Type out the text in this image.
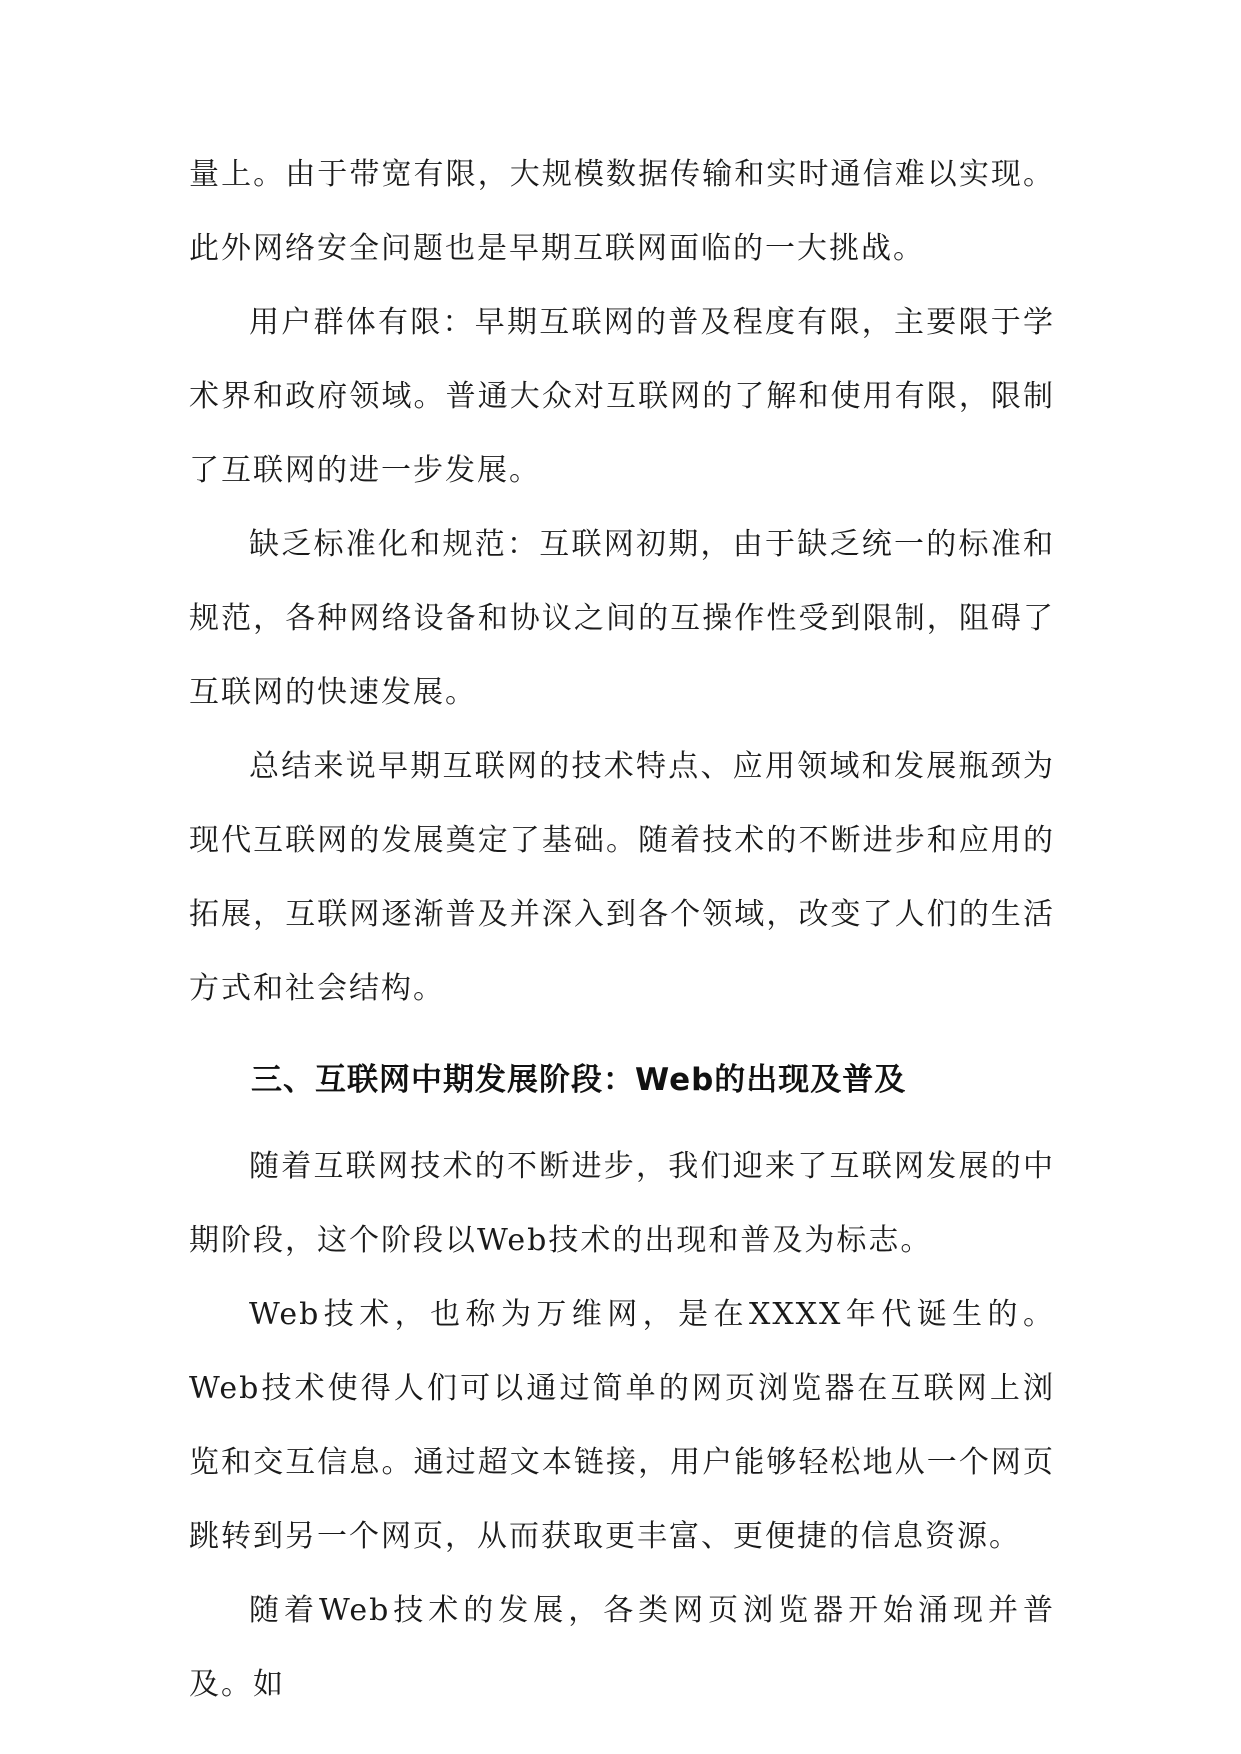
量上。由于带宽有限，大规模数据传输和实时通信难以实现。此外网络安全问题也是早期互联网面临的一大挑战。

用户群体有限：早期互联网的普及程度有限，主要限于学术界和政府领域。普通大众对互联网的了解和使用有限，限制了互联网的进一步发展。

缺乏标准化和规范：互联网初期，由于缺乏统一的标准和规范，各种网络设备和协议之间的互操作性受到限制，阻碍了互联网的快速发展。

总结来说早期互联网的技术特点、应用领域和发展瓶颈为现代互联网的发展奠定了基础。随着技术的不断进步和应用的拓展，互联网逐渐普及并深入到各个领域，改变了人们的生活方式和社会结构。

三、互联网中期发展阶段：Web的出现及普及

随着互联网技术的不断进步，我们迎来了互联网发展的中期阶段，这个阶段以Web技术的出现和普及为标志。

Web技术，也称为万维网，是在XXXX年代诞生的。Web技术使得人们可以通过简单的网页浏览器在互联网上浏览和交互信息。通过超文本链接，用户能够轻松地从一个网页跳转到另一个网页，从而获取更丰富、更便捷的信息资源。

随着Web技术的发展，各类网页浏览器开始涌现并普及。如
